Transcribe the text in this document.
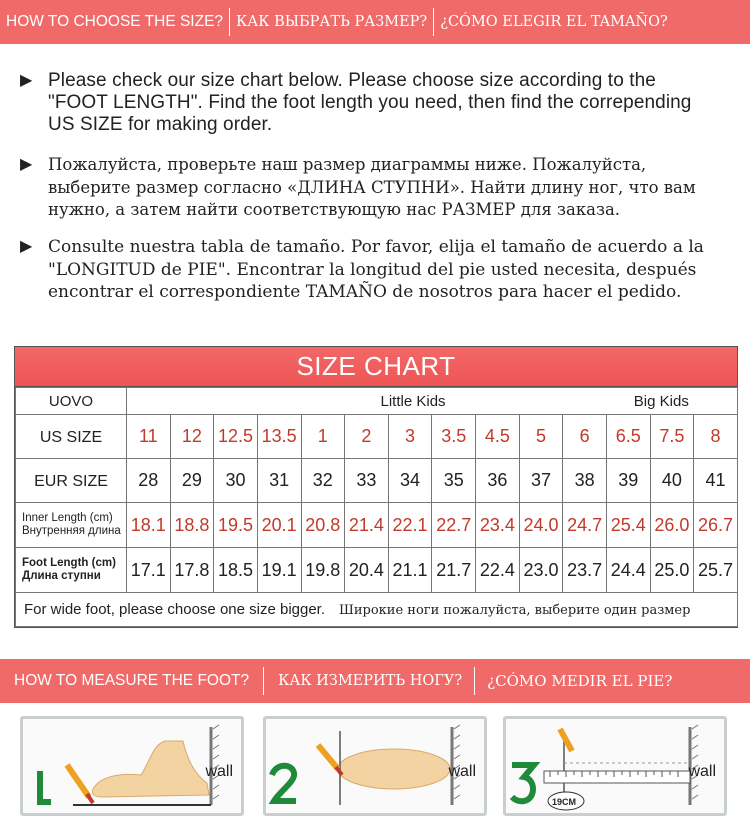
HOW TO CHOOSE THE SIZE? КАК ВЫБРАТЬ РАЗМЕР? ¿CÓMO ELEGIR EL TAMAÑO?
▶ Please check our size chart below. Please choose size according to the "FOOT LENGTH". Find the foot length you need, then find the correpending US SIZE for making order.
▶ Пожалуйста, проверьте наш размер диаграммы ниже. Пожалуйста, выберите размер согласно «ДЛИНА СТУПНИ». Найти длину ног, что вам нужно, а затем найти соответствующую нас РАЗМЕР для заказа.
▶ Consulte nuestra tabla de tamaño. Por favor, elija el tamaño de acuerdo a la "LONGITUD de PIE". Encontrar la longitud del pie usted necesita, después encontrar el correspondiente TAMAÑO de nosotros para hacer el pedido.
SIZE CHART
UOVO	Little Kids								Big Kids					
US SIZE	11	12	12.5	13.5	1	2	3	3.5	4.5	5	6	6.5	7.5	8
EUR SIZE	28	29	30	31	32	33	34	35	36	37	38	39	40	41

Inner Length (cm)
Внутренняя длина	18.1	18.8	19.5	20.1	20.8	21.4	22.1	22.7	23.4	24.0	24.7	25.4	26.0	26.7

Foot Length (cm)
Длина ступни	17.1	17.8	18.5	19.1	19.8	20.4	21.1	21.7	22.4	23.0	23.7	24.4	25.0	25.7
For wide foot, please choose one size bigger. Широкие ноги пожалуйста, выберите один размер														
HOW TO MEASURE THE FOOT? КАК ИЗМЕРИТЬ НОГУ? ¿CÓMO MEDIR EL PIE?
wall	wall	wall
19CM
